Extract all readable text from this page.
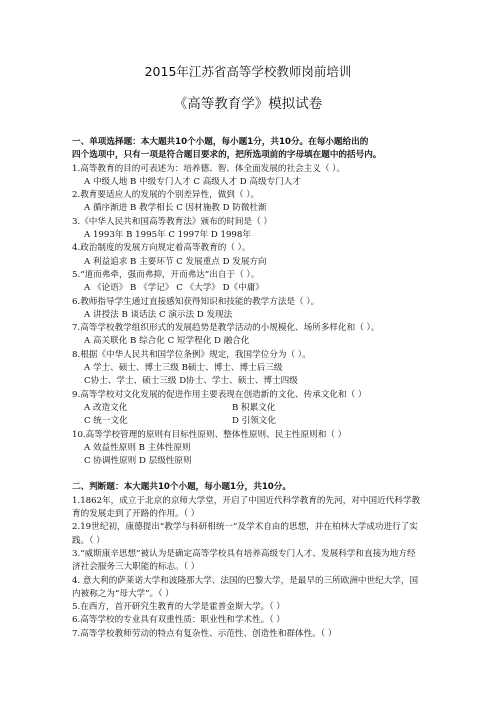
2015年江苏省高等学校教师岗前培训
《高等教育学》模拟试卷
一、单项选择题：本大题共10个小题，每小题1分，共10分。在每小题给出的
四个选项中，只有一项是符合题目要求的，把所选项前的字母填在题中的括号内。
1.高等教育的目的可表述为：培养德、智、体全面发展的社会主义（ ）。
A 中级人地 B 中级专门人才 C 高级人才 D 高级专门人才
2.教育要适应人的发展的个别差异性，做到（ ）。
A 循序渐进 B 教学相长 C 因材施教 D 防微杜渐
3.《中华人民共和国高等教育法》颁布的时间是（ ）
A 1993年 B 1995年 C 1997年 D 1998年
4.政治制度的发展方向规定着高等教育的（ ）。
A 利益追求 B 主要环节 C 发展重点 D 发展方向
5.“道而弗牵，强而弗抑，开而弗达”出自于（ ）。
A 《论语》 B 《学记》 C 《大学》 D《中庸》
6.教师指导学生通过直接感知获得知识和技能的教学方法是（ ）。
A 讲授法 B 谈话法 C 演示法 D 发现法
7.高等学校教学组织形式的发展趋势是教学活动的小规模化、场所多样化和（ ）。
A 高关联化 B 综合化 C 短学程化 D 融合化
8.根据《中华人民共和国学位条例》规定，我国学位分为（ ）。
A 学士、硕士、博士三级 B硕士、博士、博士后三级
C协士、学士、硕士三级 D协士、学士、硕士、博士四级
9.高等学校对文化发展的促进作用主要表现在创造新的文化、传承文化和（ ）
A 改造文化	B 积累文化
C 统一文化	D 引领文化
10.高等学校管理的原则有目标性原则、整体性原则、民主性原则和（ ）
A 效益性原则 B 主体性原则
C 协调性原则 D 层级性原则
二、判断题：本大题共10个小题，每小题1分，共10分。
1.1862年，成立于北京的京师大学堂，开启了中国近代科学教育的先河，对中国近代科学教育的发展走到了开路的作用。（ ）
2.19世纪初，康德提出“教学与科研相统一”及学术自由的思想，并在柏林大学成功进行了实践。（ ）
3.“威斯康辛思想”被认为是确定高等学校具有培养高级专门人才、发展科学和直接为地方经济社会服务三大职能的标志。（ ）
4. 意大利的萨莱诺大学和波隆那大学、法国的巴黎大学，是最早的三所欧洲中世纪大学，国内被称之为“母大学”。（ ）
5.在西方，首开研究生教育的大学是霍普金斯大学。（ ）
6.高等学校的专业具有双重性质：职业性和学术性。（ ）
7.高等学校教师劳动的特点有复杂性、示范性、创造性和群体性。（ ）
